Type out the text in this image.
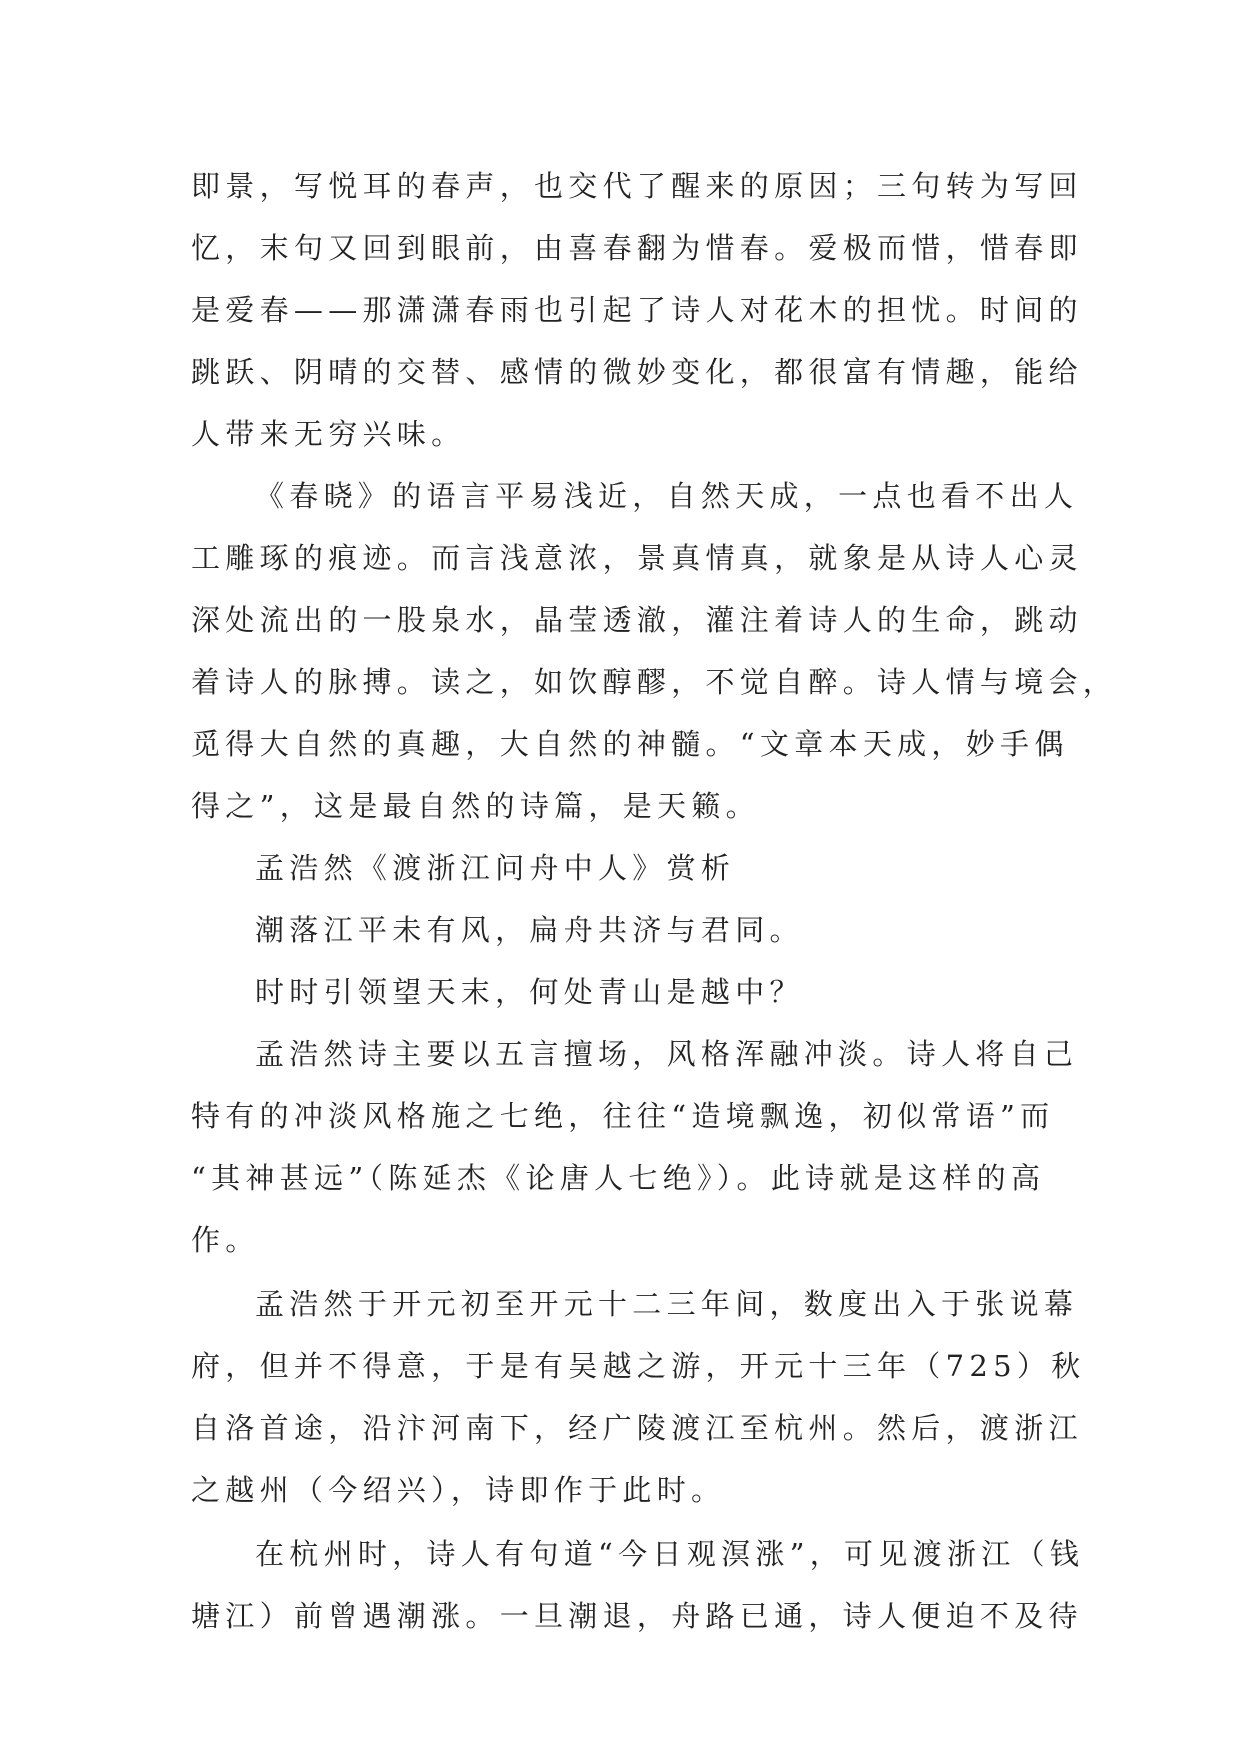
即景，写悦耳的春声，也交代了醒来的原因；三句转为写回
忆，末句又回到眼前，由喜春翻为惜春。爱极而惜，惜春即
是爱春——那潇潇春雨也引起了诗人对花木的担忧。时间的
跳跃、阴晴的交替、感情的微妙变化，都很富有情趣，能给
人带来无穷兴味。
《春晓》的语言平易浅近，自然天成，一点也看不出人
工雕琢的痕迹。而言浅意浓，景真情真，就象是从诗人心灵
深处流出的一股泉水，晶莹透澈，灌注着诗人的生命，跳动
着诗人的脉搏。读之，如饮醇醪，不觉自醉。诗人情与境会，
觅得大自然的真趣，大自然的神髓。“文章本天成，妙手偶
得之”，这是最自然的诗篇，是天籁。
孟浩然《渡浙江问舟中人》赏析
潮落江平未有风，扁舟共济与君同。
时时引领望天末，何处青山是越中？
孟浩然诗主要以五言擅场，风格浑融冲淡。诗人将自己
特有的冲淡风格施之七绝，往往“造境飘逸，初似常语”而
“其神甚远”（陈延杰《论唐人七绝》）。此诗就是这样的高
作。
孟浩然于开元初至开元十二三年间，数度出入于张说幕
府，但并不得意，于是有吴越之游，开元十三年（725）秋
自洛首途，沿汴河南下，经广陵渡江至杭州。然后，渡浙江
之越州（今绍兴），诗即作于此时。
在杭州时，诗人有句道“今日观溟涨”，可见渡浙江（钱
塘江）前曾遇潮涨。一旦潮退，舟路已通，诗人便迫不及待
